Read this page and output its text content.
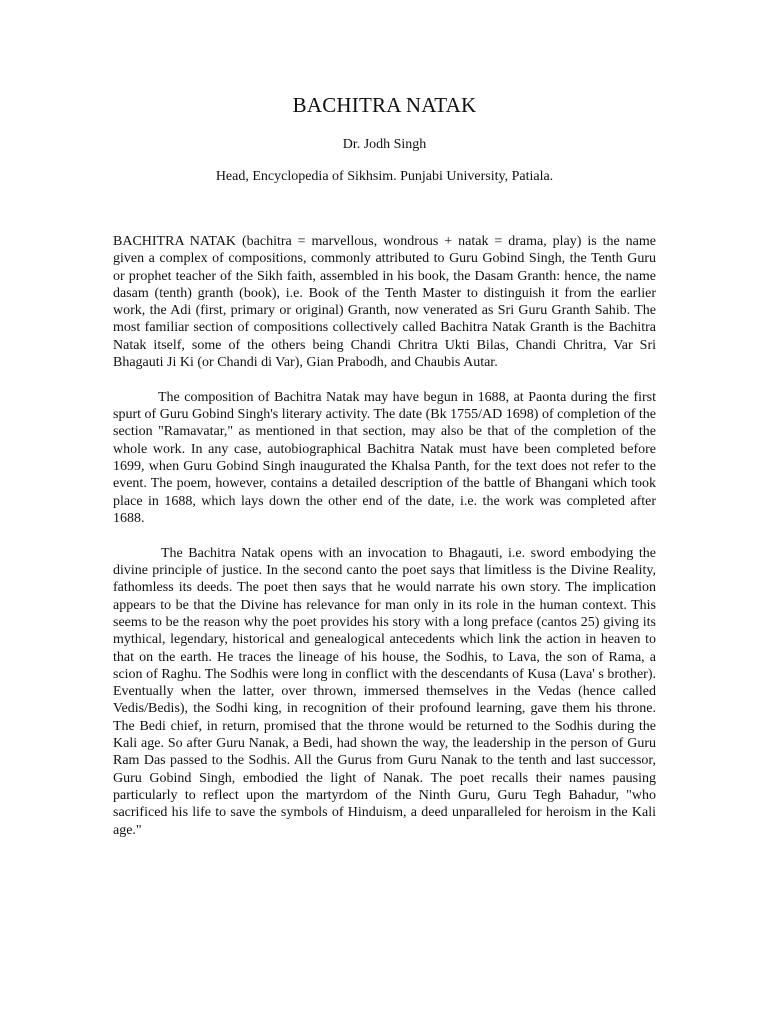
BACHITRA NATAK

Dr. Jodh Singh

Head, Encyclopedia of Sikhsim. Punjabi University, Patiala.

BACHITRA NATAK (bachitra = marvellous, wondrous + natak = drama, play) is the name given a complex of compositions, commonly attributed to Guru Gobind Singh, the Tenth Guru or prophet teacher of the Sikh faith, assembled in his book, the Dasam Granth: hence, the name dasam (tenth) granth (book), i.e. Book of the Tenth Master to distinguish it from the earlier work, the Adi (first, primary or original) Granth, now venerated as Sri Guru Granth Sahib. The most familiar section of compositions collectively called Bachitra Natak Granth is the Bachitra Natak itself, some of the others being Chandi Chritra Ukti Bilas, Chandi Chritra, Var Sri Bhagauti Ji Ki (or Chandi di Var), Gian Prabodh, and Chaubis Autar.

The composition of Bachitra Natak may have begun in 1688, at Paonta during the first spurt of Guru Gobind Singh's literary activity. The date (Bk 1755/AD 1698) of completion of the section "Ramavatar," as mentioned in that section, may also be that of the completion of the whole work. In any case, autobiographical Bachitra Natak must have been completed before 1699, when Guru Gobind Singh inaugurated the Khalsa Panth, for the text does not refer to the event. The poem, however, contains a detailed description of the battle of Bhangani which took place in 1688, which lays down the other end of the date, i.e. the work was completed after 1688.

The Bachitra Natak opens with an invocation to Bhagauti, i.e. sword embodying the divine principle of justice. In the second canto the poet says that limitless is the Divine Reality, fathomless its deeds. The poet then says that he would narrate his own story. The implication appears to be that the Divine has relevance for man only in its role in the human context. This seems to be the reason why the poet provides his story with a long preface (cantos 25) giving its mythical, legendary, historical and genealogical antecedents which link the action in heaven to that on the earth. He traces the lineage of his house, the Sodhis, to Lava, the son of Rama, a scion of Raghu. The Sodhis were long in conflict with the descendants of Kusa (Lava' s brother). Eventually when the latter, over thrown, immersed themselves in the Vedas (hence called Vedis/Bedis), the Sodhi king, in recognition of their profound learning, gave them his throne. The Bedi chief, in return, promised that the throne would be returned to the Sodhis during the Kali age. So after Guru Nanak, a Bedi, had shown the way, the leadership in the person of Guru Ram Das passed to the Sodhis. All the Gurus from Guru Nanak to the tenth and last successor, Guru Gobind Singh, embodied the light of Nanak. The poet recalls their names pausing particularly to reflect upon the martyrdom of the Ninth Guru, Guru Tegh Bahadur, "who sacrificed his life to save the symbols of Hinduism, a deed unparalleled for heroism in the Kali age."
